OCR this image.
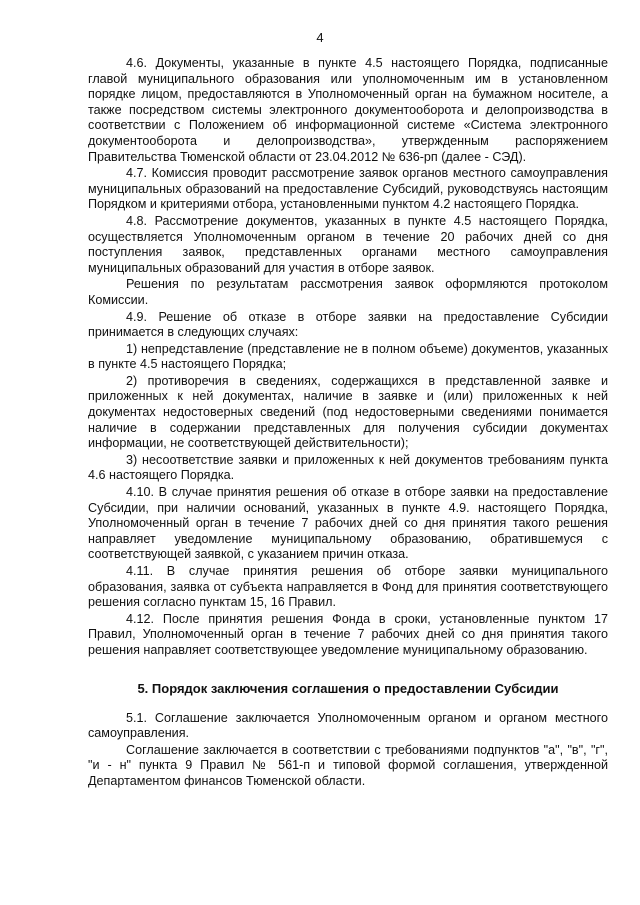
4

4.6. Документы, указанные в пункте 4.5 настоящего Порядка, подписанные главой муниципального образования или уполномоченным им в установленном порядке лицом, предоставляются в Уполномоченный орган на бумажном носителе, а также посредством системы электронного документооборота и делопроизводства в соответствии с Положением об информационной системе «Система электронного документооборота и делопроизводства», утвержденным распоряжением Правительства Тюменской области от 23.04.2012 № 636-рп (далее - СЭД).

4.7. Комиссия проводит рассмотрение заявок органов местного самоуправления муниципальных образований на предоставление Субсидий, руководствуясь настоящим Порядком и критериями отбора, установленными пунктом 4.2 настоящего Порядка.

4.8. Рассмотрение документов, указанных в пункте 4.5 настоящего Порядка, осуществляется Уполномоченным органом в течение 20 рабочих дней со дня поступления заявок, представленных органами местного самоуправления муниципальных образований для участия в отборе заявок.

Решения по результатам рассмотрения заявок оформляются протоколом Комиссии.

4.9. Решение об отказе в отборе заявки на предоставление Субсидии принимается в следующих случаях:

1) непредставление (представление не в полном объеме) документов, указанных в пункте 4.5 настоящего Порядка;

2) противоречия в сведениях, содержащихся в представленной заявке и приложенных к ней документах, наличие в заявке и (или) приложенных к ней документах недостоверных сведений (под недостоверными сведениями понимается наличие в содержании представленных для получения субсидии документах информации, не соответствующей действительности);

3) несоответствие заявки и приложенных к ней документов требованиям пункта 4.6 настоящего Порядка.

4.10. В случае принятия решения об отказе в отборе заявки на предоставление Субсидии, при наличии оснований, указанных в пункте 4.9. настоящего Порядка, Уполномоченный орган в течение 7 рабочих дней со дня принятия такого решения направляет уведомление муниципальному образованию, обратившемуся с соответствующей заявкой, с указанием причин отказа.

4.11. В случае принятия решения об отборе заявки муниципального образования, заявка от субъекта направляется в Фонд для принятия соответствующего решения согласно пунктам 15, 16 Правил.

4.12. После принятия решения Фонда в сроки, установленные пунктом 17 Правил, Уполномоченный орган в течение 7 рабочих дней со дня принятия такого решения направляет соответствующее уведомление муниципальному образованию.

5. Порядок заключения соглашения о предоставлении Субсидии

5.1. Соглашение заключается Уполномоченным органом и органом местного самоуправления.

Соглашение заключается в соответствии с требованиями подпунктов "а", "в", "г", "и - н" пункта 9 Правил № 561-п и типовой формой соглашения, утвержденной Департаментом финансов Тюменской области.
